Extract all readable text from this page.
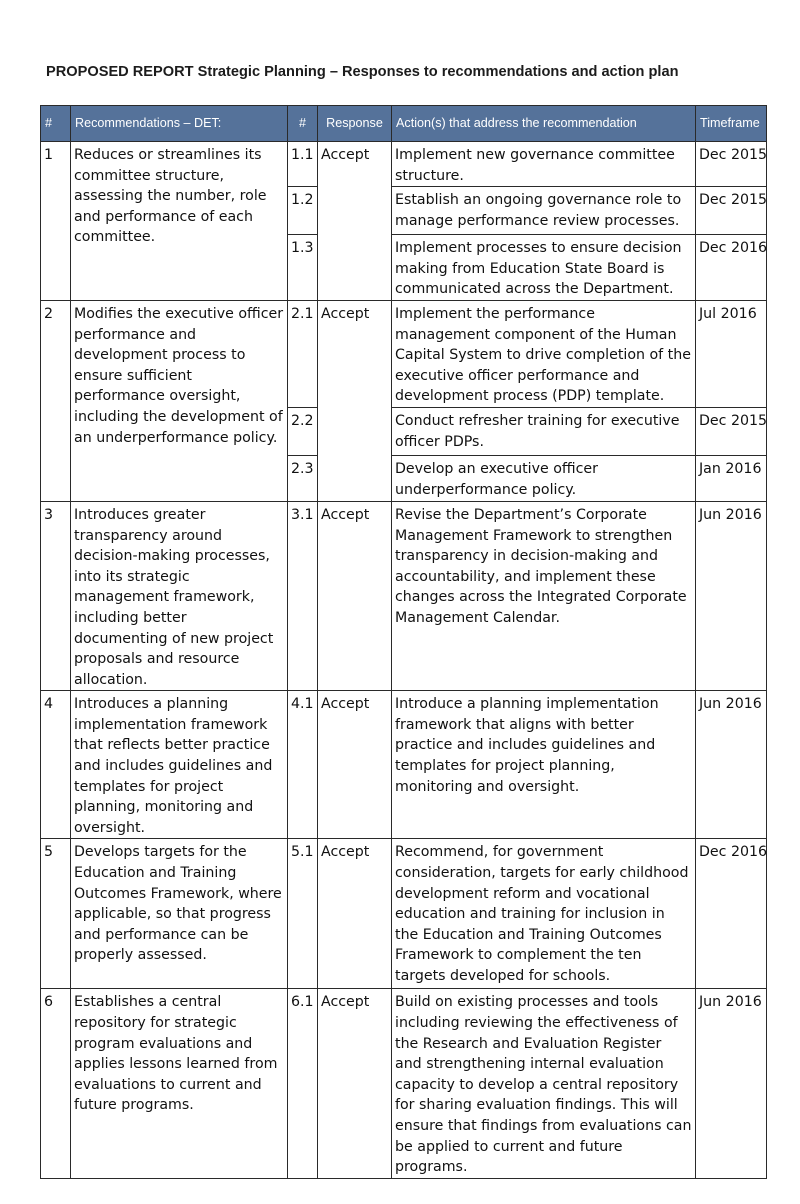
PROPOSED REPORT Strategic Planning – Responses to recommendations and action plan
#	Recommendations – DET:	#	Response	Action(s) that address the recommendation	Timeframe
1	Reduces or streamlines its committee structure, assessing the number, role and performance of each committee.	1.1	Accept	Implement new governance committee structure.	Dec 2015
		1.2		Establish an ongoing governance role to manage performance review processes.	Dec 2015
		1.3		Implement processes to ensure decision making from Education State Board is communicated across the Department.	Dec 2016
2	Modifies the executive officer performance and development process to ensure sufficient performance oversight, including the development of an underperformance policy.	2.1	Accept	Implement the performance management component of the Human Capital System to drive completion of the executive officer performance and development process (PDP) template.	Jul 2016
		2.2		Conduct refresher training for executive officer PDPs.	Dec 2015
		2.3		Develop an executive officer underperformance policy.	Jan 2016
3	Introduces greater transparency around decision-making processes, into its strategic management framework, including better documenting of new project proposals and resource allocation.	3.1	Accept	Revise the Department’s Corporate Management Framework to strengthen transparency in decision-making and accountability, and implement these changes across the Integrated Corporate Management Calendar.	Jun 2016
4	Introduces a planning implementation framework that reflects better practice and includes guidelines and templates for project planning, monitoring and oversight.	4.1	Accept	Introduce a planning implementation framework that aligns with better practice and includes guidelines and templates for project planning, monitoring and oversight.	Jun 2016
5	Develops targets for the Education and Training Outcomes Framework, where applicable, so that progress and performance can be properly assessed.	5.1	Accept	Recommend, for government consideration, targets for early childhood development reform and vocational education and training for inclusion in the Education and Training Outcomes Framework to complement the ten targets developed for schools.	Dec 2016
6	Establishes a central repository for strategic program evaluations and applies lessons learned from evaluations to current and future programs.	6.1	Accept	Build on existing processes and tools including reviewing the effectiveness of the Research and Evaluation Register and strengthening internal evaluation capacity to develop a central repository for sharing evaluation findings. This will ensure that findings from evaluations can be applied to current and future programs.	Jun 2016
